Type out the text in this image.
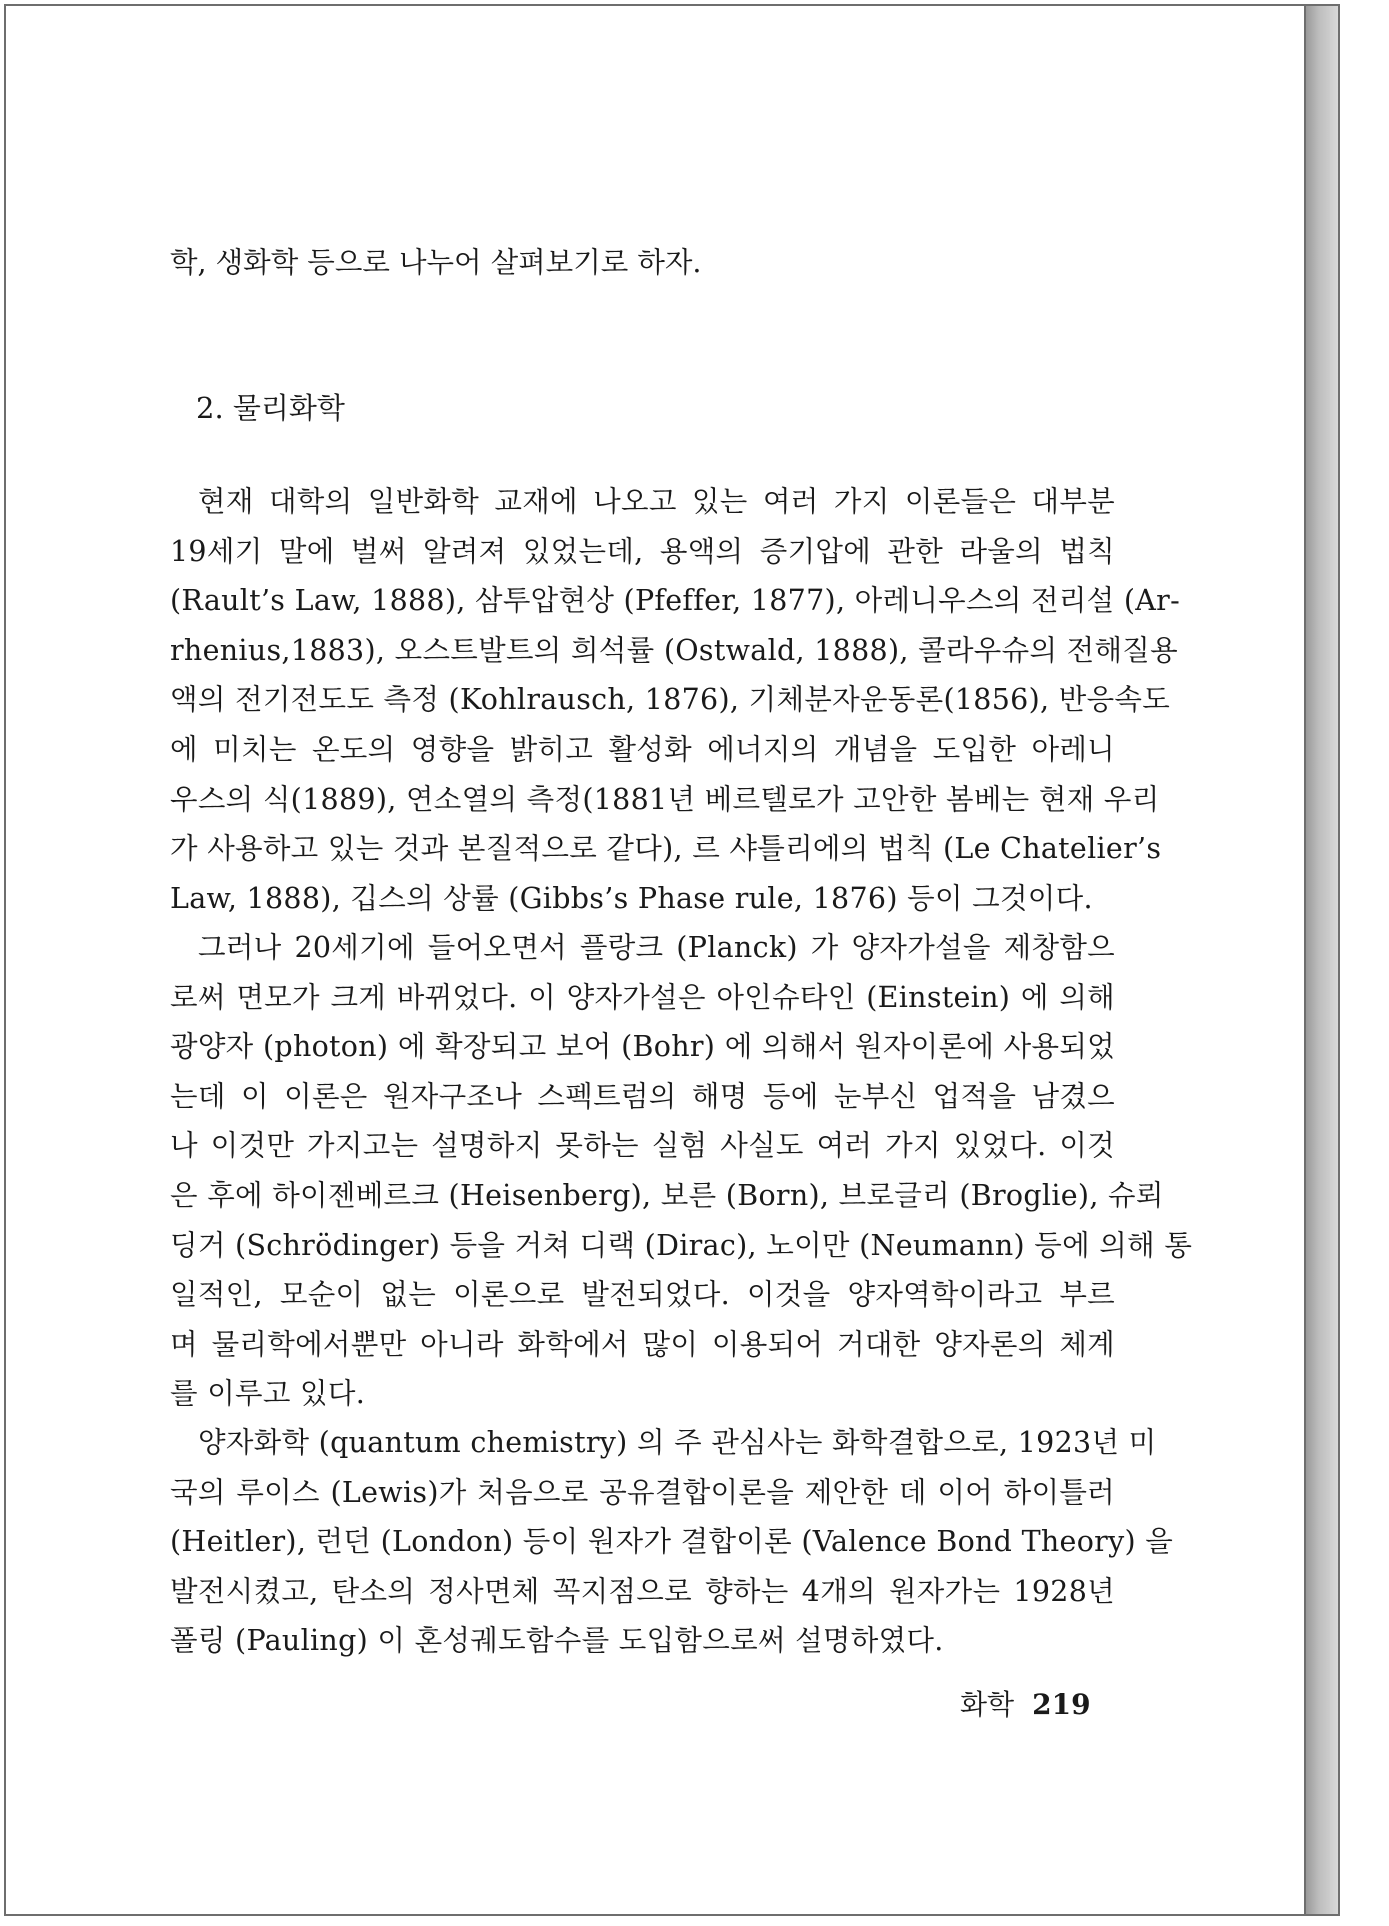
학, 생화학 등으로 나누어 살펴보기로 하자.
2. 물리화학
현재 대학의 일반화학 교재에 나오고 있는 여러 가지 이론들은 대부분
19세기 말에 벌써 알려져 있었는데, 용액의 증기압에 관한 라울의 법칙
(Rault’s Law, 1888), 삼투압현상 (Pfeffer, 1877), 아레니우스의 전리설 (Ar-
rhenius,1883), 오스트발트의 희석률 (Ostwald, 1888), 콜라우슈의 전해질용
액의 전기전도도 측정 (Kohlrausch, 1876), 기체분자운동론(1856), 반응속도
에 미치는 온도의 영향을 밝히고 활성화 에너지의 개념을 도입한 아레니
우스의 식(1889), 연소열의 측정(1881년 베르텔로가 고안한 봄베는 현재 우리
가 사용하고 있는 것과 본질적으로 같다), 르 샤틀리에의 법칙 (Le Chatelier’s
Law, 1888), 깁스의 상률 (Gibbs’s Phase rule, 1876) 등이 그것이다.
그러나 20세기에 들어오면서 플랑크 (Planck) 가 양자가설을 제창함으
로써 면모가 크게 바뀌었다. 이 양자가설은 아인슈타인 (Einstein) 에 의해
광양자 (photon) 에 확장되고 보어 (Bohr) 에 의해서 원자이론에 사용되었
는데 이 이론은 원자구조나 스펙트럼의 해명 등에 눈부신 업적을 남겼으
나 이것만 가지고는 설명하지 못하는 실험 사실도 여러 가지 있었다. 이것
은 후에 하이젠베르크 (Heisenberg), 보른 (Born), 브로글리 (Broglie), 슈뢰
딩거 (Schrödinger) 등을 거쳐 디랙 (Dirac), 노이만 (Neumann) 등에 의해 통
일적인, 모순이 없는 이론으로 발전되었다. 이것을 양자역학이라고 부르
며 물리학에서뿐만 아니라 화학에서 많이 이용되어 거대한 양자론의 체계
를 이루고 있다.
양자화학 (quantum chemistry) 의 주 관심사는 화학결합으로, 1923년 미
국의 루이스 (Lewis)가 처음으로 공유결합이론을 제안한 데 이어 하이틀러
(Heitler), 런던 (London) 등이 원자가 결합이론 (Valence Bond Theory) 을
발전시켰고, 탄소의 정사면체 꼭지점으로 향하는 4개의 원자가는 1928년
폴링 (Pauling) 이 혼성궤도함수를 도입함으로써 설명하였다.
화학 219
